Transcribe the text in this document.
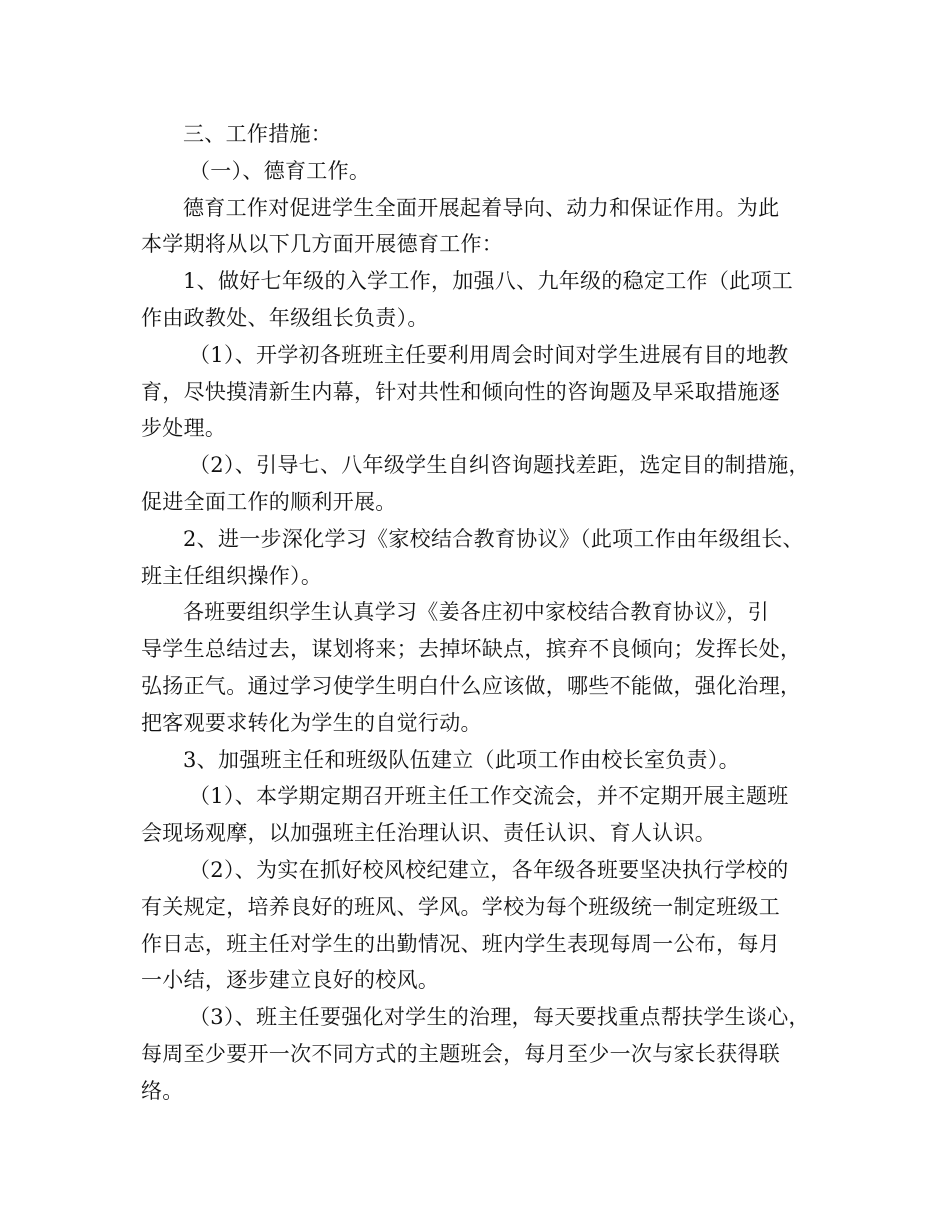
三、工作措施：
（一）、德育工作。
德育工作对促进学生全面开展起着导向、动力和保证作用。为此
本学期将从以下几方面开展德育工作：
1、做好七年级的入学工作，加强八、九年级的稳定工作（此项工
作由政教处、年级组长负责）。
（1）、开学初各班班主任要利用周会时间对学生进展有目的地教
育，尽快摸清新生内幕，针对共性和倾向性的咨询题及早采取措施逐
步处理。
（2）、引导七、八年级学生自纠咨询题找差距，选定目的制措施，
促进全面工作的顺利开展。
2、进一步深化学习《家校结合教育协议》（此项工作由年级组长、
班主任组织操作）。
各班要组织学生认真学习《姜各庄初中家校结合教育协议》，引
导学生总结过去，谋划将来；去掉坏缺点，摈弃不良倾向；发挥长处，
弘扬正气。通过学习使学生明白什么应该做，哪些不能做，强化治理，
把客观要求转化为学生的自觉行动。
3、加强班主任和班级队伍建立（此项工作由校长室负责）。
（1）、本学期定期召开班主任工作交流会，并不定期开展主题班
会现场观摩，以加强班主任治理认识、责任认识、育人认识。
（2）、为实在抓好校风校纪建立，各年级各班要坚决执行学校的
有关规定，培养良好的班风、学风。学校为每个班级统一制定班级工
作日志，班主任对学生的出勤情况、班内学生表现每周一公布，每月
一小结，逐步建立良好的校风。
（3）、班主任要强化对学生的治理，每天要找重点帮扶学生谈心，
每周至少要开一次不同方式的主题班会，每月至少一次与家长获得联
络。
